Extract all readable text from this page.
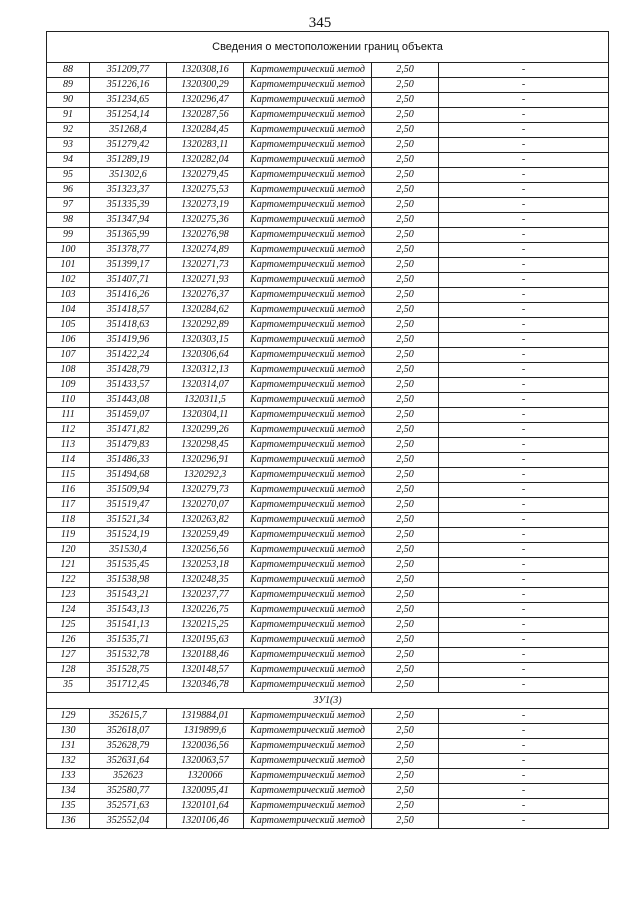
345
Сведения о местоположении границ объекта					
88	351209,77	1320308,16	Картометрический метод	2,50	-
89	351226,16	1320300,29	Картометрический метод	2,50	-
90	351234,65	1320296,47	Картометрический метод	2,50	-
91	351254,14	1320287,56	Картометрический метод	2,50	-
92	351268,4	1320284,45	Картометрический метод	2,50	-
93	351279,42	1320283,11	Картометрический метод	2,50	-
94	351289,19	1320282,04	Картометрический метод	2,50	-
95	351302,6	1320279,45	Картометрический метод	2,50	-
96	351323,37	1320275,53	Картометрический метод	2,50	-
97	351335,39	1320273,19	Картометрический метод	2,50	-
98	351347,94	1320275,36	Картометрический метод	2,50	-
99	351365,99	1320276,98	Картометрический метод	2,50	-
100	351378,77	1320274,89	Картометрический метод	2,50	-
101	351399,17	1320271,73	Картометрический метод	2,50	-
102	351407,71	1320271,93	Картометрический метод	2,50	-
103	351416,26	1320276,37	Картометрический метод	2,50	-
104	351418,57	1320284,62	Картометрический метод	2,50	-
105	351418,63	1320292,89	Картометрический метод	2,50	-
106	351419,96	1320303,15	Картометрический метод	2,50	-
107	351422,24	1320306,64	Картометрический метод	2,50	-
108	351428,79	1320312,13	Картометрический метод	2,50	-
109	351433,57	1320314,07	Картометрический метод	2,50	-
110	351443,08	1320311,5	Картометрический метод	2,50	-
111	351459,07	1320304,11	Картометрический метод	2,50	-
112	351471,82	1320299,26	Картометрический метод	2,50	-
113	351479,83	1320298,45	Картометрический метод	2,50	-
114	351486,33	1320296,91	Картометрический метод	2,50	-
115	351494,68	1320292,3	Картометрический метод	2,50	-
116	351509,94	1320279,73	Картометрический метод	2,50	-
117	351519,47	1320270,07	Картометрический метод	2,50	-
118	351521,34	1320263,82	Картометрический метод	2,50	-
119	351524,19	1320259,49	Картометрический метод	2,50	-
120	351530,4	1320256,56	Картометрический метод	2,50	-
121	351535,45	1320253,18	Картометрический метод	2,50	-
122	351538,98	1320248,35	Картометрический метод	2,50	-
123	351543,21	1320237,77	Картометрический метод	2,50	-
124	351543,13	1320226,75	Картометрический метод	2,50	-
125	351541,13	1320215,25	Картометрический метод	2,50	-
126	351535,71	1320195,63	Картометрический метод	2,50	-
127	351532,78	1320188,46	Картометрический метод	2,50	-
128	351528,75	1320148,57	Картометрический метод	2,50	-
35	351712,45	1320346,78	Картометрический метод	2,50	-
ЗУ1(3)					
129	352615,7	1319884,01	Картометрический метод	2,50	-
130	352618,07	1319899,6	Картометрический метод	2,50	-
131	352628,79	1320036,56	Картометрический метод	2,50	-
132	352631,64	1320063,57	Картометрический метод	2,50	-
133	352623	1320066	Картометрический метод	2,50	-
134	352580,77	1320095,41	Картометрический метод	2,50	-
135	352571,63	1320101,64	Картометрический метод	2,50	-
136	352552,04	1320106,46	Картометрический метод	2,50	-
